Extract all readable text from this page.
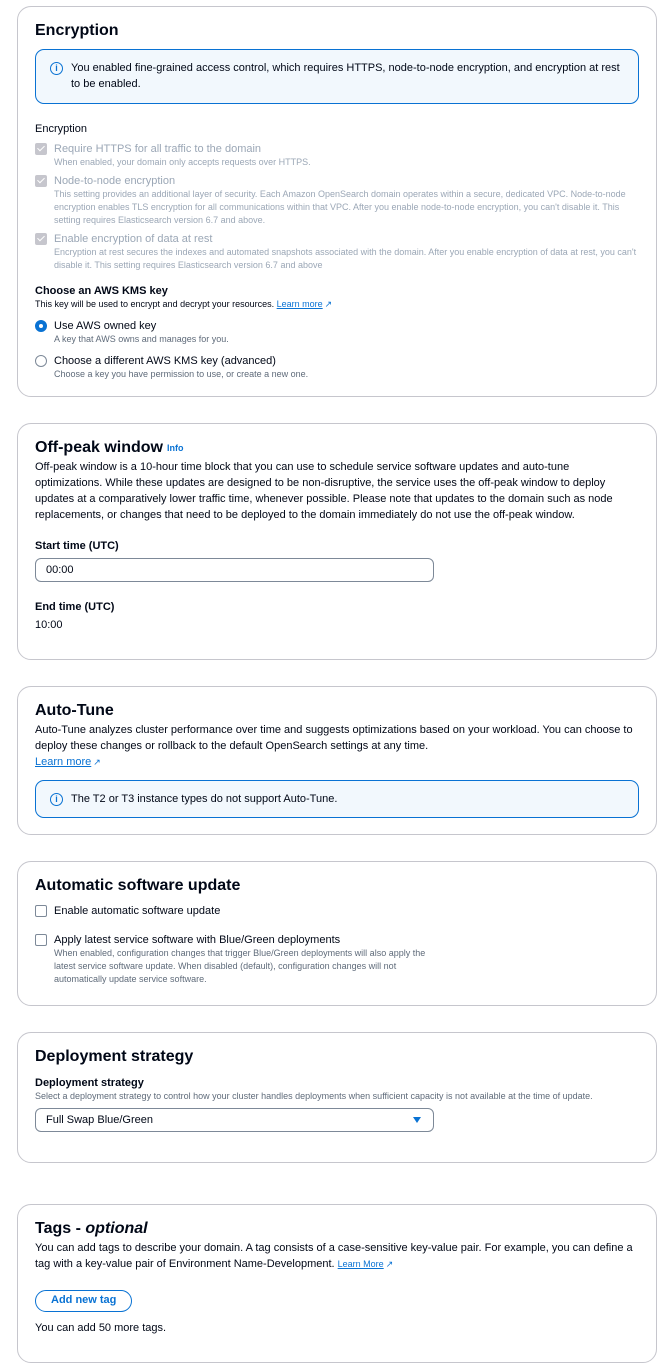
Encryption
i	You enabled fine-grained access control, which requires HTTPS, node-to-node encryption, and encryption at rest to be enabled.
Encryption
Require HTTPS for all traffic to the domain
When enabled, your domain only accepts requests over HTTPS.
Node-to-node encryption
This setting provides an additional layer of security. Each Amazon OpenSearch domain operates within a secure, dedicated VPC. Node-to-node encryption enables TLS encryption for all communications within that VPC. After you enable node-to-node encryption, you can't disable it. This setting requires Elasticsearch version 6.7 and above.
Enable encryption of data at rest
Encryption at rest secures the indexes and automated snapshots associated with the domain. After you enable encryption of data at rest, you can't disable it. This setting requires Elasticsearch version 6.7 and above
Choose an AWS KMS key
This key will be used to encrypt and decrypt your resources. Learn more ↗
Use AWS owned key
A key that AWS owns and manages for you.
Choose a different AWS KMS key (advanced)
Choose a key you have permission to use, or create a new one.
Off-peak window Info
Off-peak window is a 10-hour time block that you can use to schedule service software updates and auto-tune optimizations. While these updates are designed to be non-disruptive, the service uses the off-peak window to deploy updates at a comparatively lower traffic time, whenever possible. Please note that updates to the domain such as node replacements, or changes that need to be deployed to the domain immediately do not use the off-peak window.
Start time (UTC)
00:00
End time (UTC)
10:00
Auto-Tune
Auto-Tune analyzes cluster performance over time and suggests optimizations based on your workload. You can choose to deploy these changes or rollback to the default OpenSearch settings at any time.
Learn more ↗
i	The T2 or T3 instance types do not support Auto-Tune.
Automatic software update
Enable automatic software update
Apply latest service software with Blue/Green deployments
When enabled, configuration changes that trigger Blue/Green deployments will also apply the latest service software update. When disabled (default), configuration changes will not automatically update service software.
Deployment strategy
Deployment strategy
Select a deployment strategy to control how your cluster handles deployments when sufficient capacity is not available at the time of update.
Full Swap Blue/Green
Tags - optional
You can add tags to describe your domain. A tag consists of a case-sensitive key-value pair. For example, you can define a tag with a key-value pair of Environment Name-Development. Learn More ↗
Add new tag
You can add 50 more tags.
